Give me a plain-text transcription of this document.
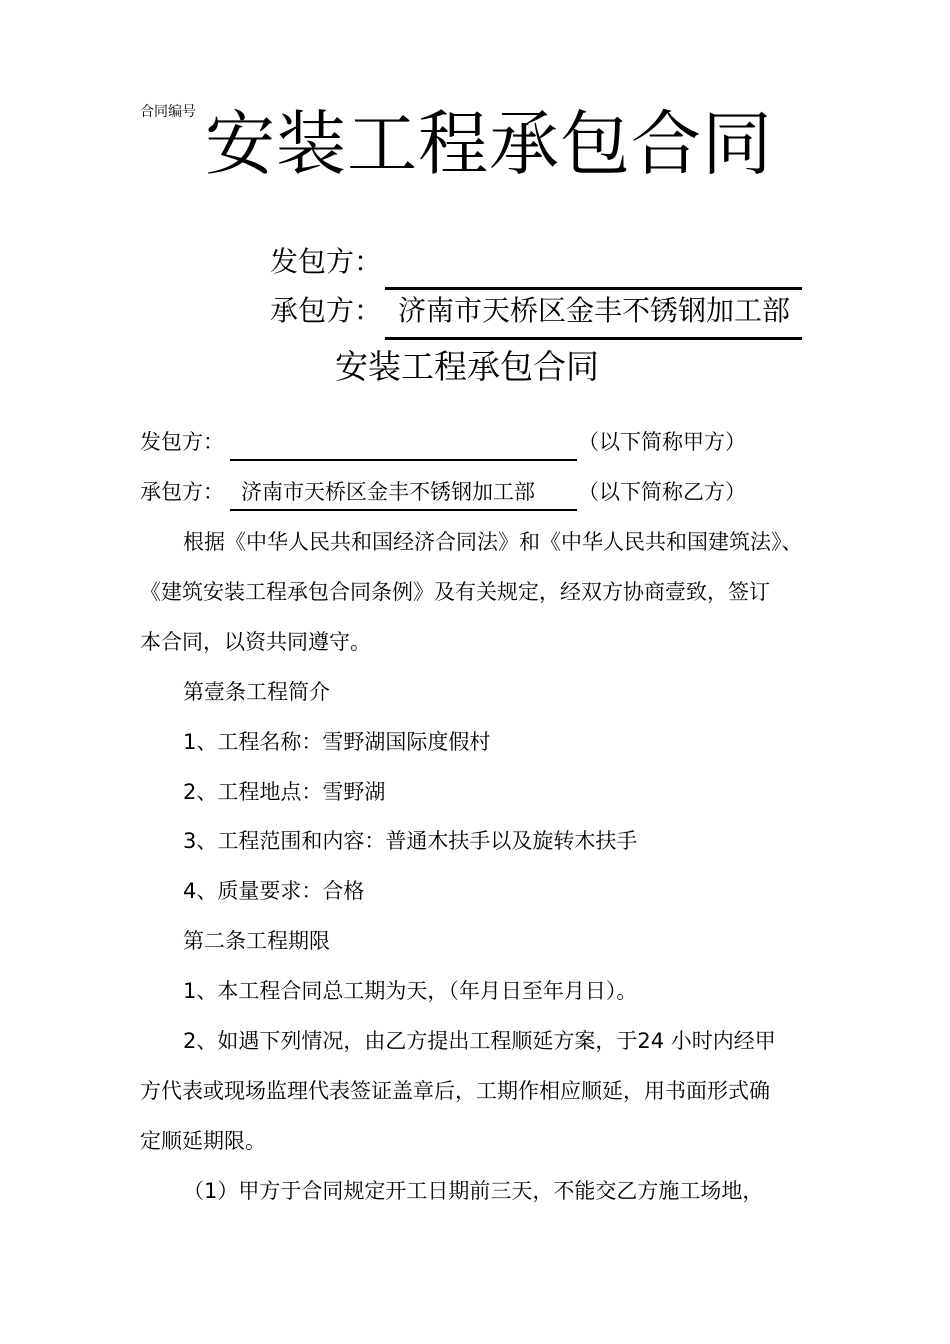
合同编号 安装工程承包合同
发包方：
承包方： 济南市天桥区金丰不锈钢加工部
安装工程承包合同
发包方：	（以下简称甲方）
承包方： 济南市天桥区金丰不锈钢加工部 （以下简称乙方）
根据《中华人民共和国经济合同法》和《中华人民共和国建筑法》、
《建筑安装工程承包合同条例》及有关规定，经双方协商壹致，签订
本合同，以资共同遵守。
第壹条工程简介
1、工程名称：雪野湖国际度假村
2、工程地点：雪野湖
3、工程范围和内容：普通木扶手以及旋转木扶手
4、质量要求：合格
第二条工程期限
1、本工程合同总工期为天，（年月日至年月日）。
2、如遇下列情况，由乙方提出工程顺延方案，于24 小时内经甲
方代表或现场监理代表签证盖章后，工期作相应顺延，用书面形式确
定顺延期限。
（1）甲方于合同规定开工日期前三天，不能交乙方施工场地，
